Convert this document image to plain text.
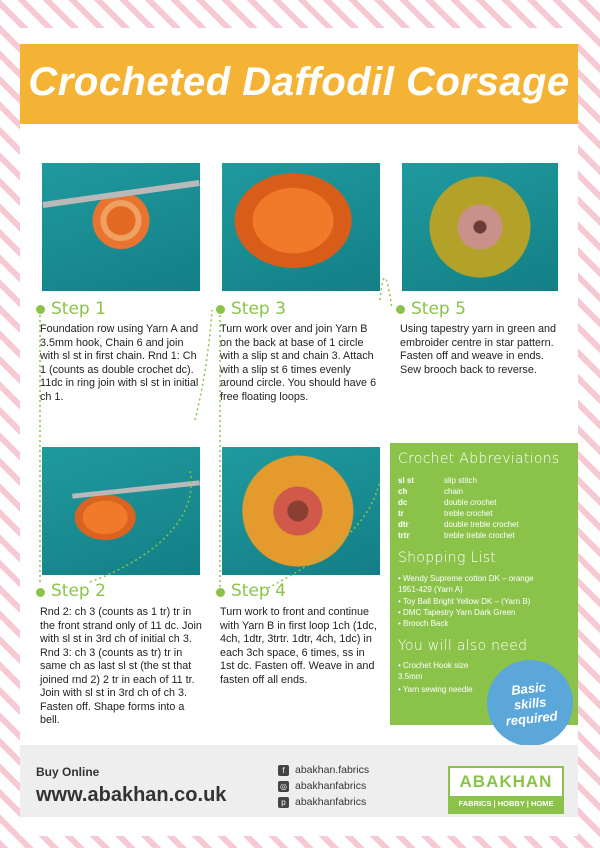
Crocheted Daffodil Corsage
Step 1
Foundation row using Yarn A and 3.5mm hook, Chain 6 and join with sl st in first chain. Rnd 1: Ch 1 (counts as double crochet dc). 11dc in ring join with sl st in initial ch 1.
Step 3
Turn work over and join Yarn B on the back at base of 1 circle with a slip st and chain 3. Attach with a slip st 6 times evenly around circle. You should have 6 free floating loops.
Step 5
Using tapestry yarn in green and embroider centre in star pattern. Fasten off and weave in ends. Sew brooch back to reverse.
Step 2
Rnd 2: ch 3 (counts as 1 tr) tr in the front strand only of 11 dc. Join with sl st in 3rd ch of initial ch 3. Rnd 3: ch 3 (counts as tr) tr in same ch as last sl st (the st that joined rnd 2) 2 tr in each of 11 tr. Join with sl st in 3rd ch of ch 3. Fasten off. Shape forms into a bell.
Step 4
Turn work to front and continue with Yarn B in first loop 1ch (1dc, 4ch, 1dtr, 3trtr. 1dtr, 4ch, 1dc) in each 3ch space, 6 times, ss in 1st dc. Fasten off. Weave in and fasten off all ends.
Crochet Abbreviations
sl st	slip stitch
ch	chain
dc	double crochet
tr	treble crochet
dtr	double treble crochet
trtr	treble treble crochet
Shopping List
• Wendy Supreme cotton DK – orange 1951-429 (Yarn A)
• Toy Ball Bright Yellow DK – (Yarn B)
• DMC Tapestry Yarn Dark Green
• Brooch Back
You will also need
• Crochet Hook size 3.5mm
• Yarn sewing needle	Basic skills required
Buy Online
www.abakhan.co.uk
f abakhan.fabrics
◎ abakhanfabrics
p abakhanfabrics
ABAKHAN
FABRICS | HOBBY | HOME
